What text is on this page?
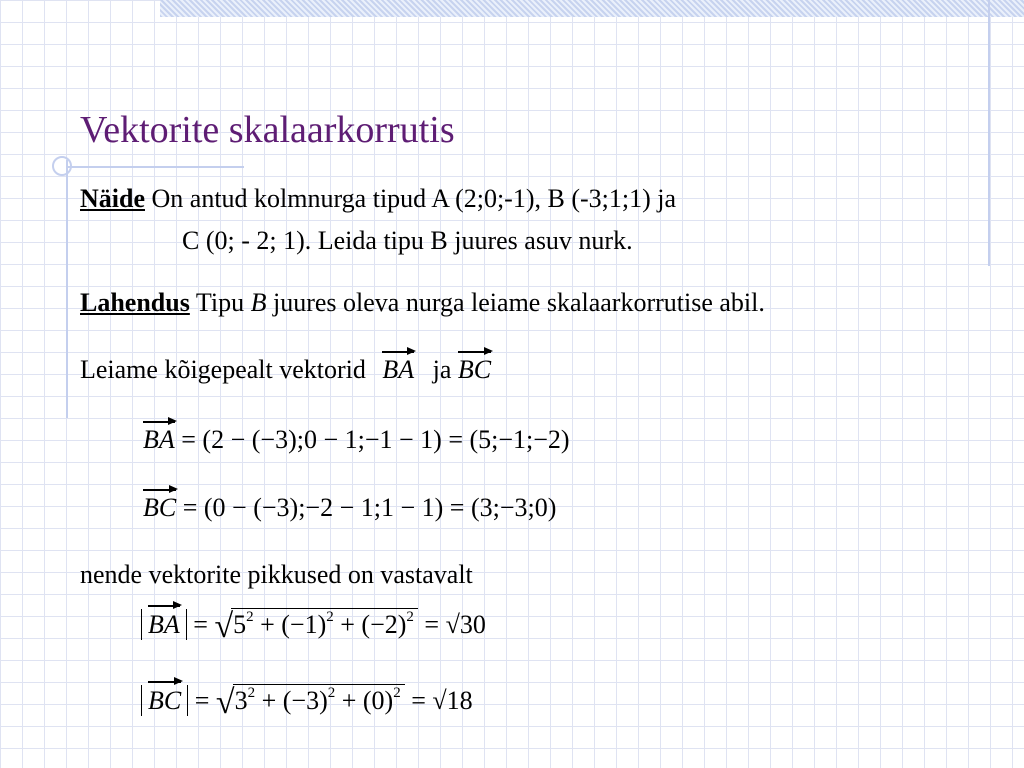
Vektorite skalaarkorrutis
Näide On antud kolmnurga tipud A (2;0;-1), B (-3;1;1) ja
C (0; - 2; 1). Leida tipu B juures asuv nurk.
Lahendus Tipu B juures oleva nurga leiame skalaarkorrutise abil.
Leiame kõigepealt vektorid BA ja BC
BA = (2 − (−3);0 − 1;−1 − 1) = (5;−1;−2)
BC = (0 − (−3);−2 − 1;1 − 1) = (3;−3;0)
nende vektorite pikkused on vastavalt
BA = $√5^2 + (-1)^2 + (-2)^2 = √30$
BC = $√3^2 + (-3)^2 + (0)^2 = √18$
